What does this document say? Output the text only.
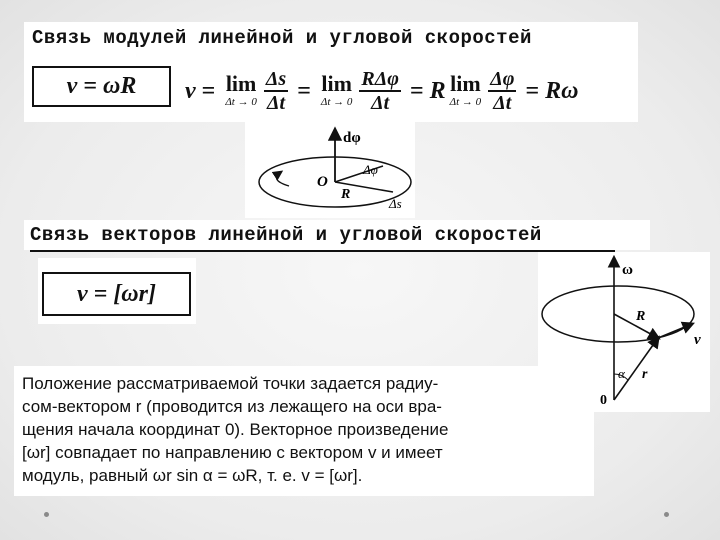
Связь модулей линейной и угловой скоростей
v = ωR	v = lim
$\Delta t \to 0 \frac{\Delta s}{\Delta t} = \lim$
$\Delta t \to 0 \frac{\text{RΔφ}}{\Delta t} = R$ lim
$\Delta t \to 0 \frac{\Delta\varphi}{\Delta t} = R\omega$
dφ
O
R
Δφ
Δs
Связь векторов линейной и угловой скоростей
v = [ωr]
ω
R
v
α r
0
Положение рассматриваемой точки задается радиу-
сом-вектором r (проводится из лежащего на оси вра-
щения начала координат 0). Векторное произведение
[ωr] совпадает по направлению с вектором v и имеет
модуль, равный ωr sin α = ωR, т. е. v = [ωr].
